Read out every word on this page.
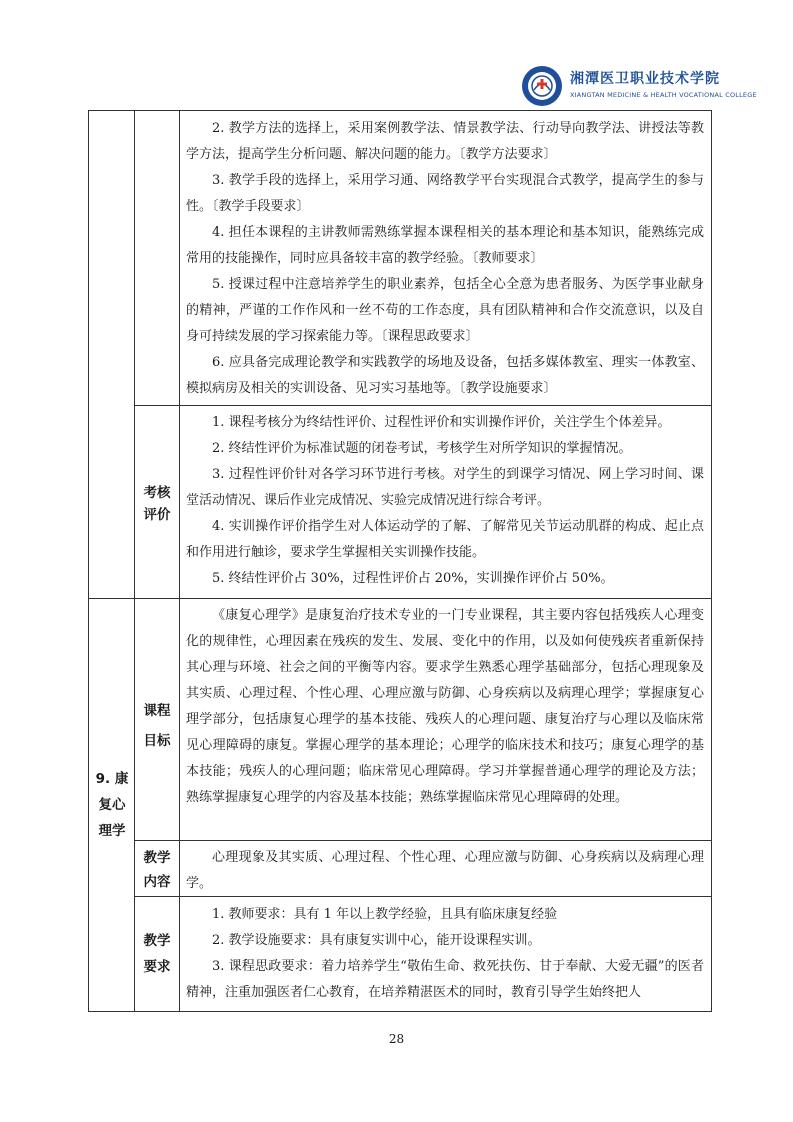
湘潭医卫职业技术学院
XIANGTAN MEDICINE & HEALTH VOCATIONAL COLLEGE
2. 教学方法的选择上，采用案例教学法、情景教学法、行动导向教学法、讲授法等教学方法，提高学生分析问题、解决问题的能力。〔教学方法要求〕
3. 教学手段的选择上，采用学习通、网络教学平台实现混合式教学，提高学生的参与性。〔教学手段要求〕
4. 担任本课程的主讲教师需熟练掌握本课程相关的基本理论和基本知识，能熟练完成常用的技能操作，同时应具备较丰富的教学经验。〔教师要求〕
5. 授课过程中注意培养学生的职业素养，包括全心全意为患者服务、为医学事业献身的精神，严谨的工作作风和一丝不苟的工作态度，具有团队精神和合作交流意识，以及自身可持续发展的学习探索能力等。〔课程思政要求〕
6. 应具备完成理论教学和实践教学的场地及设备，包括多媒体教室、理实一体教室、模拟病房及相关的实训设备、见习实习基地等。〔教学设施要求〕
考核
评价
1. 课程考核分为终结性评价、过程性评价和实训操作评价，关注学生个体差异。
2. 终结性评价为标准试题的闭卷考试，考核学生对所学知识的掌握情况。
3. 过程性评价针对各学习环节进行考核。对学生的到课学习情况、网上学习时间、课堂活动情况、课后作业完成情况、实验完成情况进行综合考评。
4. 实训操作评价指学生对人体运动学的了解、了解常见关节运动肌群的构成、起止点和作用进行触诊，要求学生掌握相关实训操作技能。
5. 终结性评价占 30%，过程性评价占 20%，实训操作评价占 50%。
9. 康
复心
理学
课程
目标
《康复心理学》是康复治疗技术专业的一门专业课程，其主要内容包括残疾人心理变化的规律性，心理因素在残疾的发生、发展、变化中的作用，以及如何使残疾者重新保持其心理与环境、社会之间的平衡等内容。要求学生熟悉心理学基础部分，包括心理现象及其实质、心理过程、个性心理、心理应激与防御、心身疾病以及病理心理学；掌握康复心理学部分，包括康复心理学的基本技能、残疾人的心理问题、康复治疗与心理以及临床常见心理障碍的康复。掌握心理学的基本理论；心理学的临床技术和技巧；康复心理学的基本技能；残疾人的心理问题；临床常见心理障碍。学习并掌握普通心理学的理论及方法；熟练掌握康复心理学的内容及基本技能；熟练掌握临床常见心理障碍的处理。
教学
内容
心理现象及其实质、心理过程、个性心理、心理应激与防御、心身疾病以及病理心理学。
教学
要求
1. 教师要求：具有 1 年以上教学经验，且具有临床康复经验
2. 教学设施要求：具有康复实训中心，能开设课程实训。
3. 课程思政要求：着力培养学生“敬佑生命、救死扶伤、甘于奉献、大爱无疆”的医者精神，注重加强医者仁心教育，在培养精湛医术的同时，教育引导学生始终把人
28
